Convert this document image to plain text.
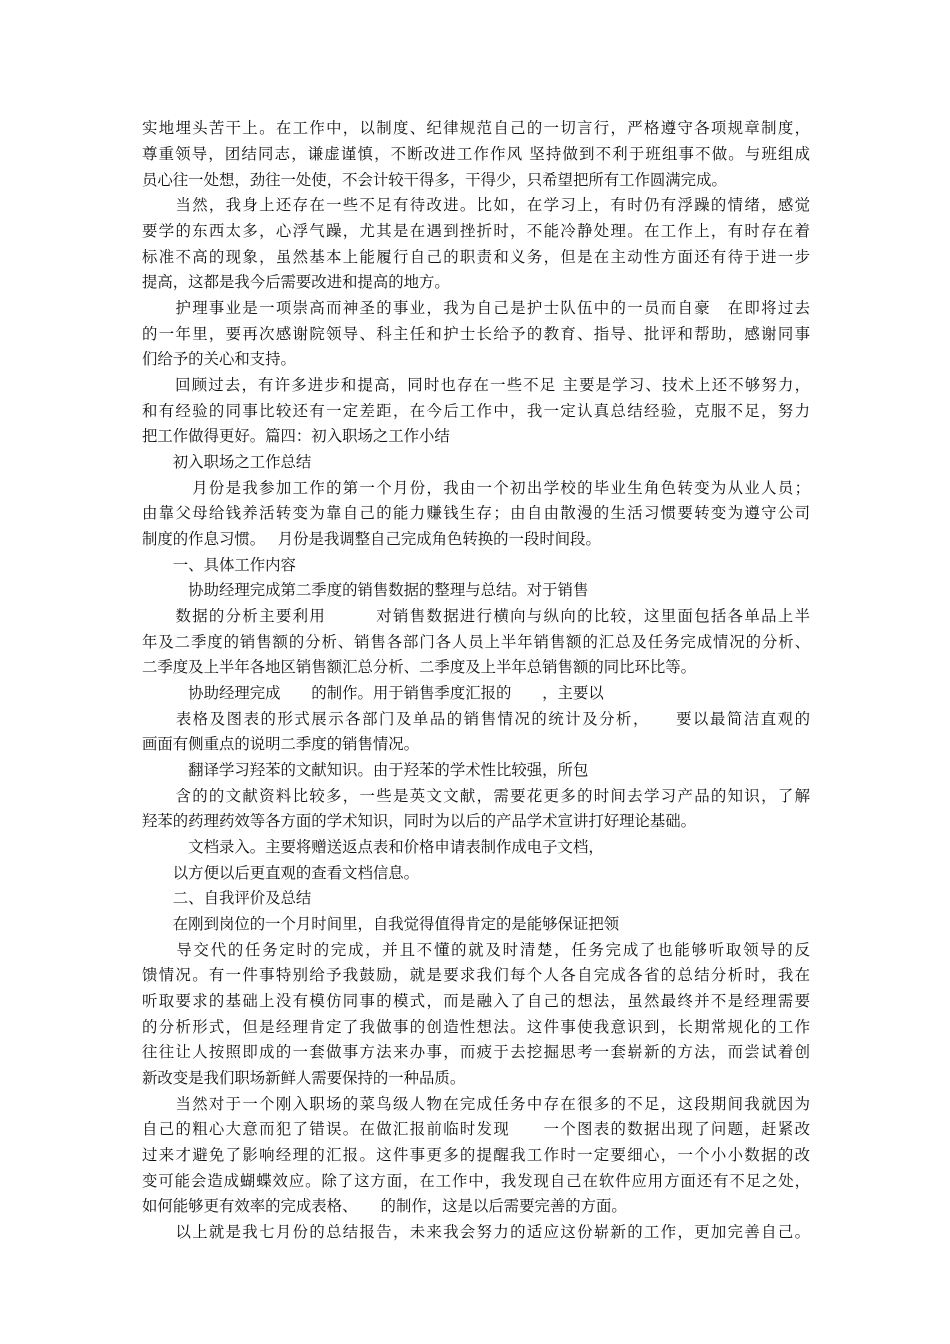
实地埋头苦干上。在工作中，以制度、纪律规范自己的一切言行，严格遵守各项规章制度，
尊重领导，团结同志，谦虚谨慎，不断改进工作作风 坚持做到不利于班组事不做。与班组成
员心往一处想，劲往一处使，不会计较干得多，干得少，只希望把所有工作圆满完成。
　　当然，我身上还存在一些不足有待改进。比如，在学习上，有时仍有浮躁的情绪，感觉
要学的东西太多，心浮气躁，尤其是在遇到挫折时，不能冷静处理。在工作上，有时存在着
标准不高的现象，虽然基本上能履行自己的职责和义务，但是在主动性方面还有待于进一步
提高，这都是我今后需要改进和提高的地方。
　　护理事业是一项崇高而神圣的事业，我为自己是护士队伍中的一员而自豪　在即将过去
的一年里，要再次感谢院领导、科主任和护士长给予的教育、指导、批评和帮助，感谢同事
们给予的关心和支持。
　　回顾过去，有许多进步和提高，同时也存在一些不足 主要是学习、技术上还不够努力，
和有经验的同事比较还有一定差距，在今后工作中，我一定认真总结经验，克服不足，努力
把工作做得更好。篇四：初入职场之工作小结
　　初入职场之工作总结
　　　月份是我参加工作的第一个月份，我由一个初出学校的毕业生角色转变为从业人员；
由靠父母给钱养活转变为靠自己的能力赚钱生存；由自由散漫的生活习惯要转变为遵守公司
制度的作息习惯。　 月份是我调整自己完成角色转换的一段时间段。
　　一、具体工作内容
　　　协助经理完成第二季度的销售数据的整理与总结。对于销售
　　数据的分析主要利用　　　对销售数据进行横向与纵向的比较，这里面包括各单品上半
年及二季度的销售额的分析、销售各部门各人员上半年销售额的汇总及任务完成情况的分析、
二季度及上半年各地区销售额汇总分析、二季度及上半年总销售额的同比环比等。
　　　协助经理完成　　的制作。用于销售季度汇报的　　，主要以
　　表格及图表的形式展示各部门及单品的销售情况的统计及分析，　　要以最简洁直观的
画面有侧重点的说明二季度的销售情况。
　　　翻译学习羟苯的文献知识。由于羟苯的学术性比较强，所包
　　含的的文献资料比较多，一些是英文文献，需要花更多的时间去学习产品的知识，了解
羟苯的药理药效等各方面的学术知识，同时为以后的产品学术宣讲打好理论基础。
　　　文档录入。主要将赠送返点表和价格申请表制作成电子文档，
　　以方便以后更直观的查看文档信息。
　　二、自我评价及总结
　　在刚到岗位的一个月时间里，自我觉得值得肯定的是能够保证把领
　　导交代的任务定时的完成，并且不懂的就及时清楚，任务完成了也能够听取领导的反
馈情况。有一件事特别给予我鼓励，就是要求我们每个人各自完成各省的总结分析时，我在
听取要求的基础上没有模仿同事的模式，而是融入了自己的想法，虽然最终并不是经理需要
的分析形式，但是经理肯定了我做事的创造性想法。这件事使我意识到，长期常规化的工作
往往让人按照即成的一套做事方法来办事，而疲于去挖掘思考一套崭新的方法，而尝试着创
新改变是我们职场新鲜人需要保持的一种品质。
　　当然对于一个刚入职场的菜鸟级人物在完成任务中存在很多的不足，这段期间我就因为
自己的粗心大意而犯了错误。在做汇报前临时发现　　一个图表的数据出现了问题，赶紧改
过来才避免了影响经理的汇报。这件事更多的提醒我工作时一定要细心，一个小小数据的改
变可能会造成蝴蝶效应。除了这方面，在工作中，我发现自己在软件应用方面还有不足之处，
如何能够更有效率的完成表格、　　的制作，这是以后需要完善的方面。
　　以上就是我七月份的总结报告，未来我会努力的适应这份崭新的工作，更加完善自己。
